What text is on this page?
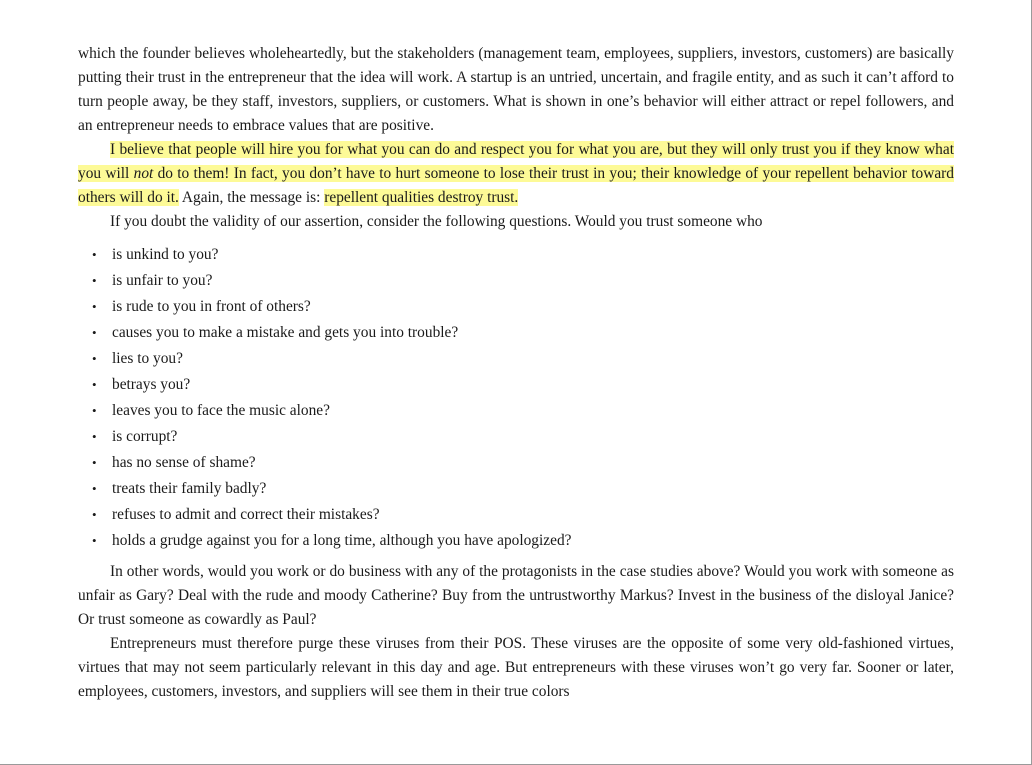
which the founder believes wholeheartedly, but the stakeholders (management team, employees, suppliers, investors, customers) are basically putting their trust in the entrepreneur that the idea will work. A startup is an untried, uncertain, and fragile entity, and as such it can’t afford to turn people away, be they staff, investors, suppliers, or customers. What is shown in one’s behavior will either attract or repel followers, and an entrepreneur needs to embrace values that are positive.

I believe that people will hire you for what you can do and respect you for what you are, but they will only trust you if they know what you will not do to them! In fact, you don’t have to hurt someone to lose their trust in you; their knowledge of your repellent behavior toward others will do it. Again, the message is: repellent qualities destroy trust.

If you doubt the validity of our assertion, consider the following questions. Would you trust someone who

• is unkind to you?
• is unfair to you?
• is rude to you in front of others?
• causes you to make a mistake and gets you into trouble?
• lies to you?
• betrays you?
• leaves you to face the music alone?
• is corrupt?
• has no sense of shame?
• treats their family badly?
• refuses to admit and correct their mistakes?
• holds a grudge against you for a long time, although you have apologized?

In other words, would you work or do business with any of the protagonists in the case studies above? Would you work with someone as unfair as Gary? Deal with the rude and moody Catherine? Buy from the untrustworthy Markus? Invest in the business of the disloyal Janice? Or trust someone as cowardly as Paul?

Entrepreneurs must therefore purge these viruses from their POS. These viruses are the opposite of some very old-fashioned virtues, virtues that may not seem particularly relevant in this day and age. But entrepreneurs with these viruses won’t go very far. Sooner or later, employees, customers, investors, and suppliers will see them in their true colors
